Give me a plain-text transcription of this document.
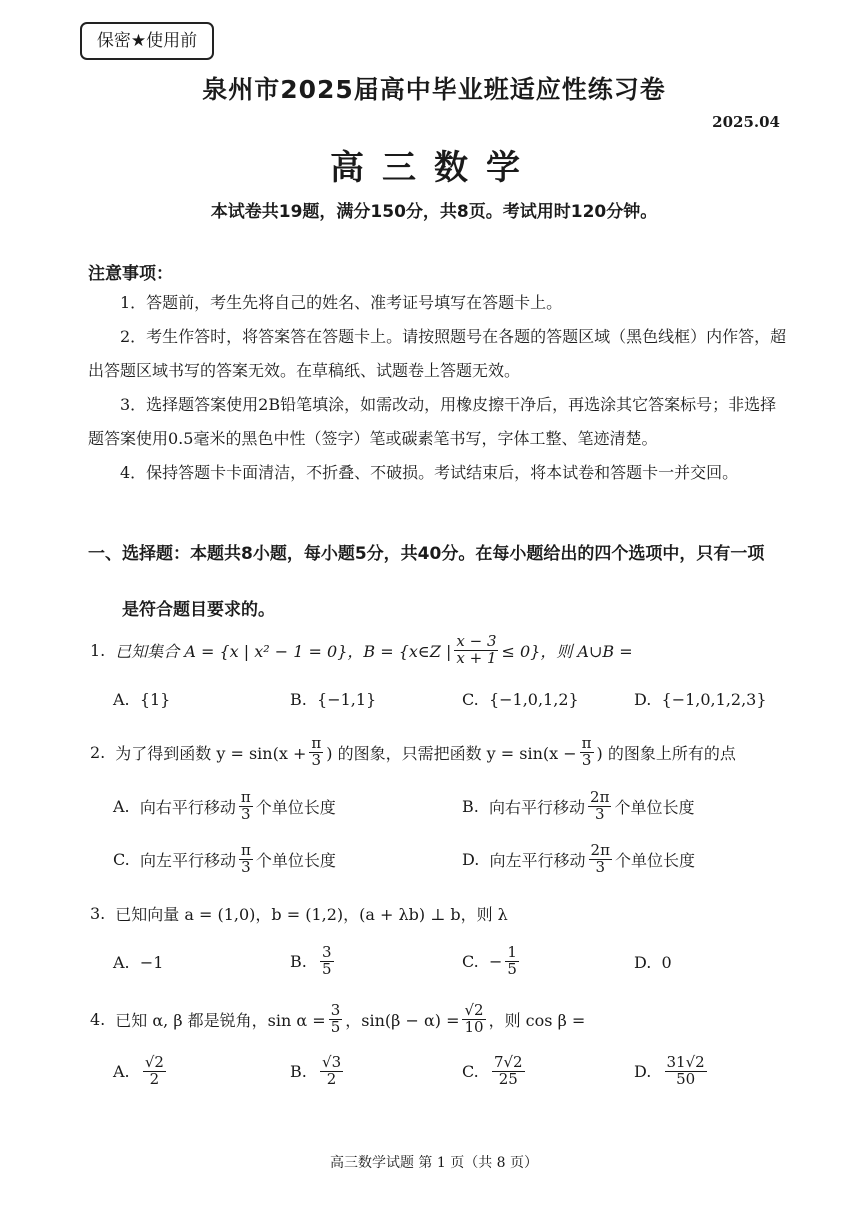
保密★使用前
泉州市2025届高中毕业班适应性练习卷
2025.04
高三数学
本试卷共19题，满分150分，共8页。考试用时120分钟。
注意事项：

1．答题前，考生先将自己的姓名、准考证号填写在答题卡上。

2．考生作答时，将答案答在答题卡上。请按照题号在各题的答题区域（黑色线框）内作答，超出答题区域书写的答案无效。在草稿纸、试题卷上答题无效。

3．选择题答案使用2B铅笔填涂，如需改动，用橡皮擦干净后，再选涂其它答案标号；非选择题答案使用0.5毫米的黑色中性（签字）笔或碳素笔书写，字体工整、笔迹清楚。

4．保持答题卡卡面清洁，不折叠、不破损。考试结束后，将本试卷和答题卡一并交回。

一、选择题：本题共8小题，每小题5分，共40分。在每小题给出的四个选项中，只有一项
是符合题目要求的。
1. 已知集合 A = {x | x² − 1 = 0}，B = {x∈Z | $\frac{x - 3}{x + 1} \le 0$}，则 A∪B =
A.
{1}	B.
{−1,1}	C.
{−1,0,1,2}	D.
{−1,0,1,2,3}
2. 为了得到函数 $y = \sin(x + \frac{\pi}{3}$ ) 的图象，只需把函数 $y = \sin(x - \frac{\pi}{3}$ ) 的图象上所有的点
A.
向右平行移动 $\frac{\pi}{3}$ 个单位长度	B.
向右平行移动 $\frac{2\pi}{3}$ 个单位长度
C.
向左平行移动 $\frac{\pi}{3}$ 个单位长度	D.
向左平行移动 $\frac{2\pi}{3}$ 个单位长度
3. 已知向量 a = (1,0)，b = (1,2)，(a + λb) ⊥ b，则 λ
A.
−1	B.
$\frac{3}{5}$	C.
− $\frac{1}{5}$	D.
0
4. 已知 α, β 都是锐角，$\sin \alpha = \frac{3}{5}$ ，$\sin(\beta - \alpha) = \frac{√2}{10}$ ，则 cos β =
A.
$\frac{√2}{2}$	B.
$\frac{√3}{2}$	C.
$\frac{7√2}{25}$	D.
$\frac{31√2}{50}$
高三数学试题 第 1 页（共 8 页）
